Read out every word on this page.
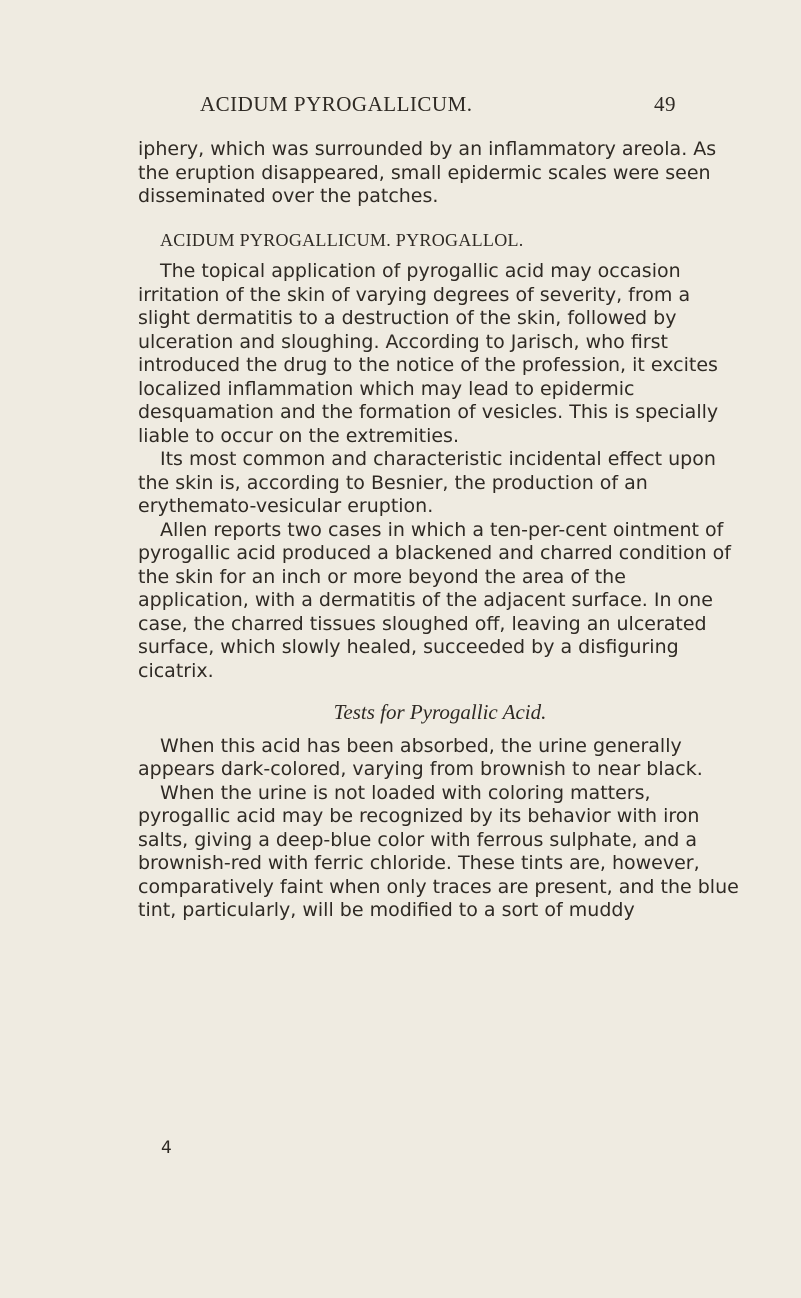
ACIDUM PYROGALLICUM.	49

iphery, which was surrounded by an inflammatory areola. As the eruption disappeared, small epidermic scales were seen disseminated over the patches.

ACIDUM PYROGALLICUM. PYROGALLOL.

The topical application of pyrogallic acid may occasion irritation of the skin of varying degrees of severity, from a slight dermatitis to a destruction of the skin, followed by ulceration and sloughing. According to Jarisch, who first introduced the drug to the notice of the profession, it excites localized inflammation which may lead to epidermic desquamation and the formation of vesicles. This is specially liable to occur on the extremities.

Its most common and characteristic incidental effect upon the skin is, according to Besnier, the production of an erythemato-vesicular eruption.

Allen reports two cases in which a ten-per-cent ointment of pyrogallic acid produced a blackened and charred condition of the skin for an inch or more beyond the area of the application, with a dermatitis of the adjacent surface. In one case, the charred tissues sloughed off, leaving an ulcerated surface, which slowly healed, succeeded by a disfiguring cicatrix.

Tests for Pyrogallic Acid.

When this acid has been absorbed, the urine generally appears dark-colored, varying from brownish to near black.

When the urine is not loaded with coloring matters, pyrogallic acid may be recognized by its behavior with iron salts, giving a deep-blue color with ferrous sulphate, and a brownish-red with ferric chloride. These tints are, however, comparatively faint when only traces are present, and the blue tint, particularly, will be modified to a sort of muddy

4
